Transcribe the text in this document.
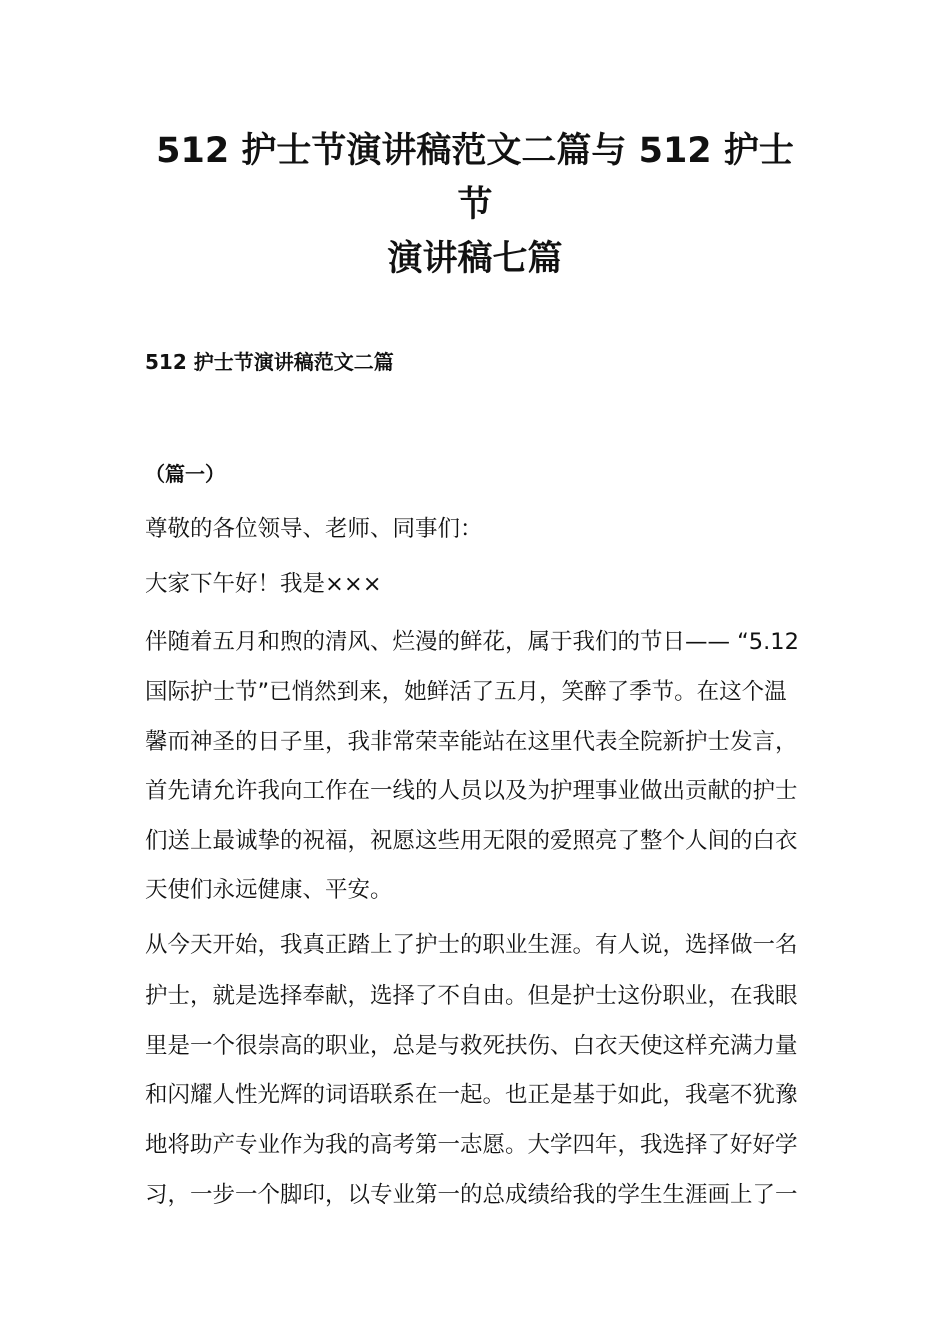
512 护士节演讲稿范文二篇与 512 护士节
演讲稿七篇
512 护士节演讲稿范文二篇
（篇一）

尊敬的各位领导、老师、同事们：

大家下午好！我是×××

伴随着五月和煦的清风、烂漫的鲜花，属于我们的节日—— “5.12

国际护士节”已悄然到来，她鲜活了五月，笑醉了季节。在这个温

馨而神圣的日子里，我非常荣幸能站在这里代表全院新护士发言，

首先请允许我向工作在一线的人员以及为护理事业做出贡献的护士

们送上最诚挚的祝福，祝愿这些用无限的爱照亮了整个人间的白衣

天使们永远健康、平安。

从今天开始，我真正踏上了护士的职业生涯。有人说，选择做一名

护士，就是选择奉献，选择了不自由。但是护士这份职业，在我眼

里是一个很崇高的职业，总是与救死扶伤、白衣天使这样充满力量

和闪耀人性光辉的词语联系在一起。也正是基于如此，我毫不犹豫

地将助产专业作为我的高考第一志愿。大学四年，我选择了好好学

习，一步一个脚印，以专业第一的总成绩给我的学生生涯画上了一
